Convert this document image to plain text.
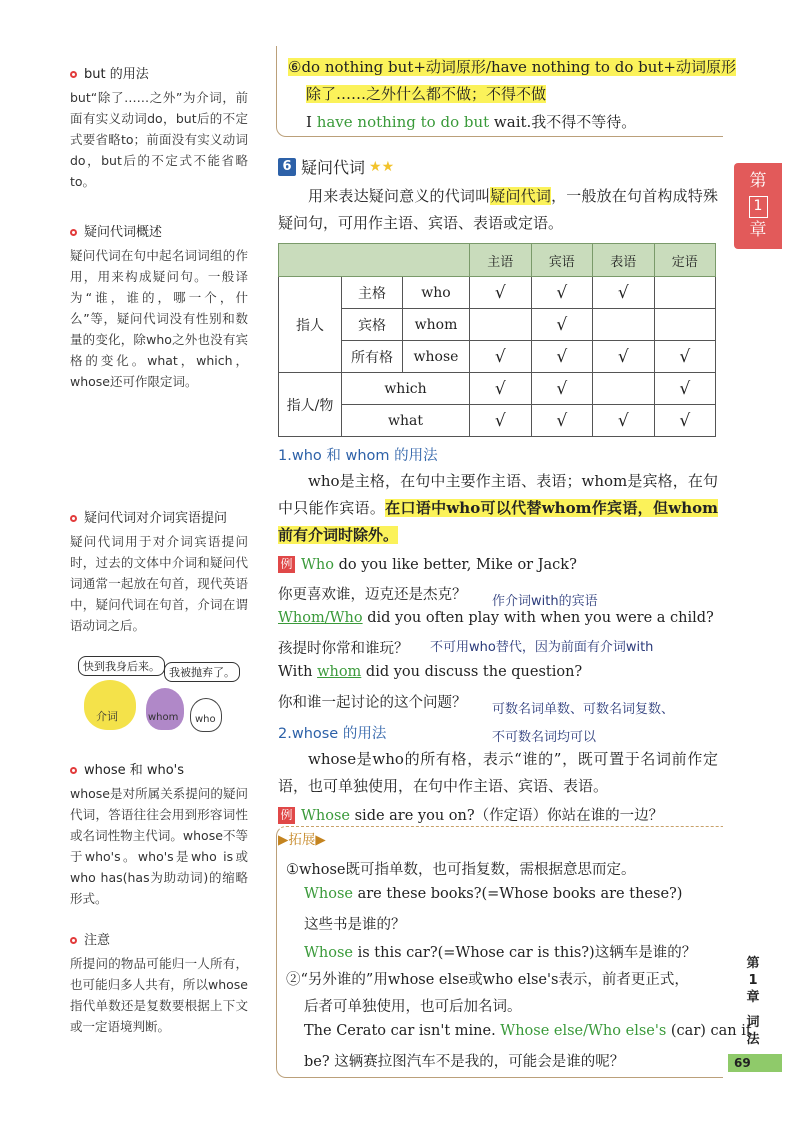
but 的用法

but“除了……之外”为介词，前面有实义动词do，but后的不定式要省略to；前面没有实义动词do，but后的不定式不能省略to。

疑问代词概述

疑问代词在句中起名词词组的作用，用来构成疑问句。一般译为“谁，谁的，哪一个，什么”等，疑问代词没有性别和数量的变化，除who之外也没有宾格的变化。what，which，whose还可作限定词。

疑问代词对介词宾语提问

疑问代词用于对介词宾语提问时，过去的文体中介词和疑问代词通常一起放在句首，现代英语中，疑问代词在句首，介词在谓语动词之后。

快到我身后来。 我被抛弃了。
介词	whom who
whose 和 who's

whose是对所属关系提问的疑问代词，答语往往会用到形容词性或名词性物主代词。whose不等于who's。who's是who is或who has(has为助动词)的缩略形式。

注意

所提问的物品可能归一人所有，也可能归多人共有，所以whose指代单数还是复数要根据上下文或一定语境判断。

⑥do nothing but+动词原形/have nothing to do but+动词原形
除了……之外什么都不做；不得不做
I have nothing to do but wait.我不得不等待。
6 疑问代词 ★★
用来表达疑问意义的代词叫疑问代词，一般放在句首构成特殊疑问句，可用作主语、宾语、表语或定语。
			主语	宾语	表语	定语
指人	主格	who	√	√	√	
	宾格	whom		√		
	所有格	whose	√	√	√	√
指人/物	which		√	√		√
	what		√	√	√	√
1.who 和 whom 的用法
who是主格，在句中主要作主语、表语；whom是宾格，在句中只能作宾语。在口语中who可以代替whom作宾语，但whom前有介词时除外。
例 Who do you like better, Mike or Jack?
你更喜欢谁，迈克还是杰克？ 作介词with的宾语
Whom/Who did you often play with when you were a child?
孩提时你常和谁玩？ 不可用who替代，因为前面有介词with
With whom did you discuss the question?
你和谁一起讨论的这个问题？ 可数名词单数、可数名词复数、
不可数名词均可以
2.whose 的用法
whose是who的所有格，表示“谁的”，既可置于名词前作定语，也可单独使用，在句中作主语、宾语、表语。
例 Whose side are you on?（作定语）你站在谁的一边？
▶拓展▶
①whose既可指单数，也可指复数，需根据意思而定。
Whose are these books?(=Whose books are these?)
这些书是谁的？
Whose is this car?(=Whose car is this?)这辆车是谁的？
②“另外谁的”用whose else或who else's表示，前者更正式，
后者可单独使用，也可后加名词。
The Cerato car isn't mine. Whose else/Who else's (car) can it
be? 这辆赛拉图汽车不是我的，可能会是谁的呢？
第
1
章
第
1
章
词
法
69
